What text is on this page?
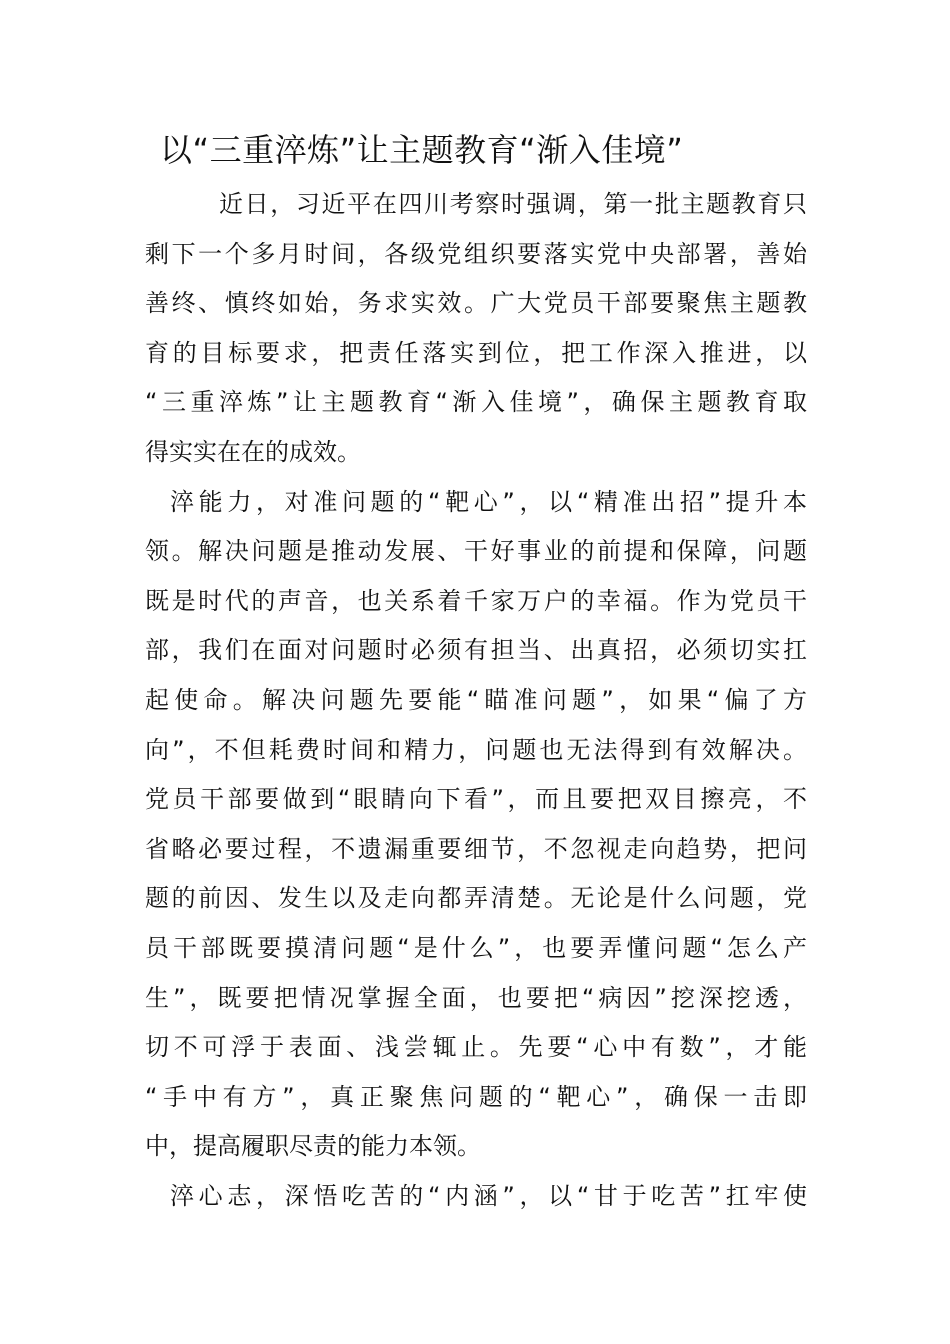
以“三重淬炼”让主题教育“渐入佳境”
近日，习近平在四川考察时强调，第一批主题教育只
剩下一个多月时间，各级党组织要落实党中央部署，善始
善终、慎终如始，务求实效。广大党员干部要聚焦主题教
育的目标要求，把责任落实到位，把工作深入推进，以
“三重淬炼”让主题教育“渐入佳境”，确保主题教育取
得实实在在的成效。
淬能力，对准问题的“靶心”，以“精准出招”提升本
领。解决问题是推动发展、干好事业的前提和保障，问题
既是时代的声音，也关系着千家万户的幸福。作为党员干
部，我们在面对问题时必须有担当、出真招，必须切实扛
起使命。解决问题先要能“瞄准问题”，如果“偏了方
向”，不但耗费时间和精力，问题也无法得到有效解决。
党员干部要做到“眼睛向下看”，而且要把双目擦亮，不
省略必要过程，不遗漏重要细节，不忽视走向趋势，把问
题的前因、发生以及走向都弄清楚。无论是什么问题，党
员干部既要摸清问题“是什么”，也要弄懂问题“怎么产
生”，既要把情况掌握全面，也要把“病因”挖深挖透，
切不可浮于表面、浅尝辄止。先要“心中有数”，才能
“手中有方”，真正聚焦问题的“靶心”，确保一击即
中，提高履职尽责的能力本领。
淬心志，深悟吃苦的“内涵”，以“甘于吃苦”扛牢使
